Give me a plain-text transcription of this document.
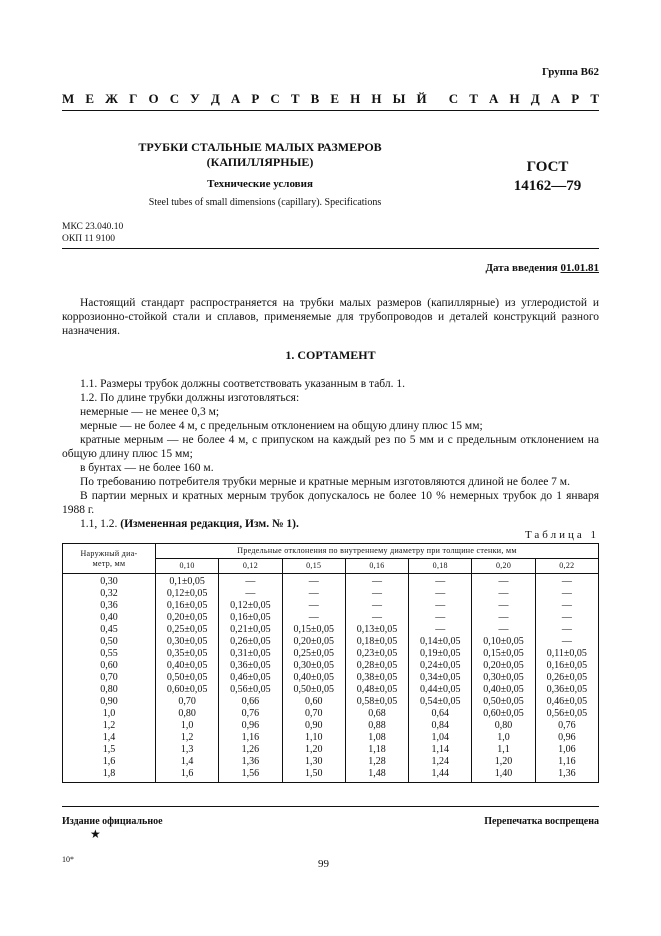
Группа В62
М Е Ж Г О С У Д А Р С Т В Е Н Н Ы Й С Т А Н Д А Р Т
ТРУБКИ СТАЛЬНЫЕ МАЛЫХ РАЗМЕРОВ
(КАПИЛЛЯРНЫЕ)
Технические условия
Steel tubes of small dimensions (capillary). Specifications
ГОСТ
14162—79
МКС 23.040.10
ОКП 11 9100
Дата введения 01.01.81
Настоящий стандарт распространяется на трубки малых размеров (капиллярные) из углеродистой и коррозионно-стойкой стали и сплавов, применяемые для трубопроводов и деталей конструкций разного назначения.
1. СОРТАМЕНТ
1.1. Размеры трубок должны соответствовать указанным в табл. 1.
1.2. По длине трубки должны изготовляться:
немерные — не менее 0,3 м;
мерные — не более 4 м, с предельным отклонением на общую длину плюс 15 мм;
кратные мерным — не более 4 м, с припуском на каждый рез по 5 мм и с предельным отклонением на общую длину плюс 15 мм;
в бунтах — не более 160 м.
По требованию потребителя трубки мерные и кратные мерным изготовляются длиной не более 7 м.
В партии мерных и кратных мерным трубок допускалось не более 10 % немерных трубок до 1 января 1988 г.
1.1, 1.2. (Измененная редакция, Изм. № 1).
Таблица 1
Наружный диа-
метр, мм	Предельные отклонения по внутреннему диаметру при толщине стенки, мм						
	0,10	0,12	0,15	0,16	0,18	0,20	0,22
0,30	0,1±0,05	—	—	—	—	—	—
0,32	0,12±0,05	—	—	—	—	—	—
0,36	0,16±0,05	0,12±0,05	—	—	—	—	—
0,40	0,20±0,05	0,16±0,05	—	—	—	—	—
0,45	0,25±0,05	0,21±0,05	0,15±0,05	0,13±0,05	—	—	—
0,50	0,30±0,05	0,26±0,05	0,20±0,05	0,18±0,05	0,14±0,05	0,10±0,05	—
0,55	0,35±0,05	0,31±0,05	0,25±0,05	0,23±0,05	0,19±0,05	0,15±0,05	0,11±0,05
0,60	0,40±0,05	0,36±0,05	0,30±0,05	0,28±0,05	0,24±0,05	0,20±0,05	0,16±0,05
0,70	0,50±0,05	0,46±0,05	0,40±0,05	0,38±0,05	0,34±0,05	0,30±0,05	0,26±0,05
0,80	0,60±0,05	0,56±0,05	0,50±0,05	0,48±0,05	0,44±0,05	0,40±0,05	0,36±0,05
0,90	0,70	0,66	0,60	0,58±0,05	0,54±0,05	0,50±0,05	0,46±0,05
1,0	0,80	0,76	0,70	0,68	0,64	0,60±0,05	0,56±0,05
1,2	1,0	0,96	0,90	0,88	0,84	0,80	0,76
1,4	1,2	1,16	1,10	1,08	1,04	1,0	0,96
1,5	1,3	1,26	1,20	1,18	1,14	1,1	1,06
1,6	1,4	1,36	1,30	1,28	1,24	1,20	1,16
1,8	1,6	1,56	1,50	1,48	1,44	1,40	1,36
Издание официальное	Перепечатка воспрещена
★
10*	99
